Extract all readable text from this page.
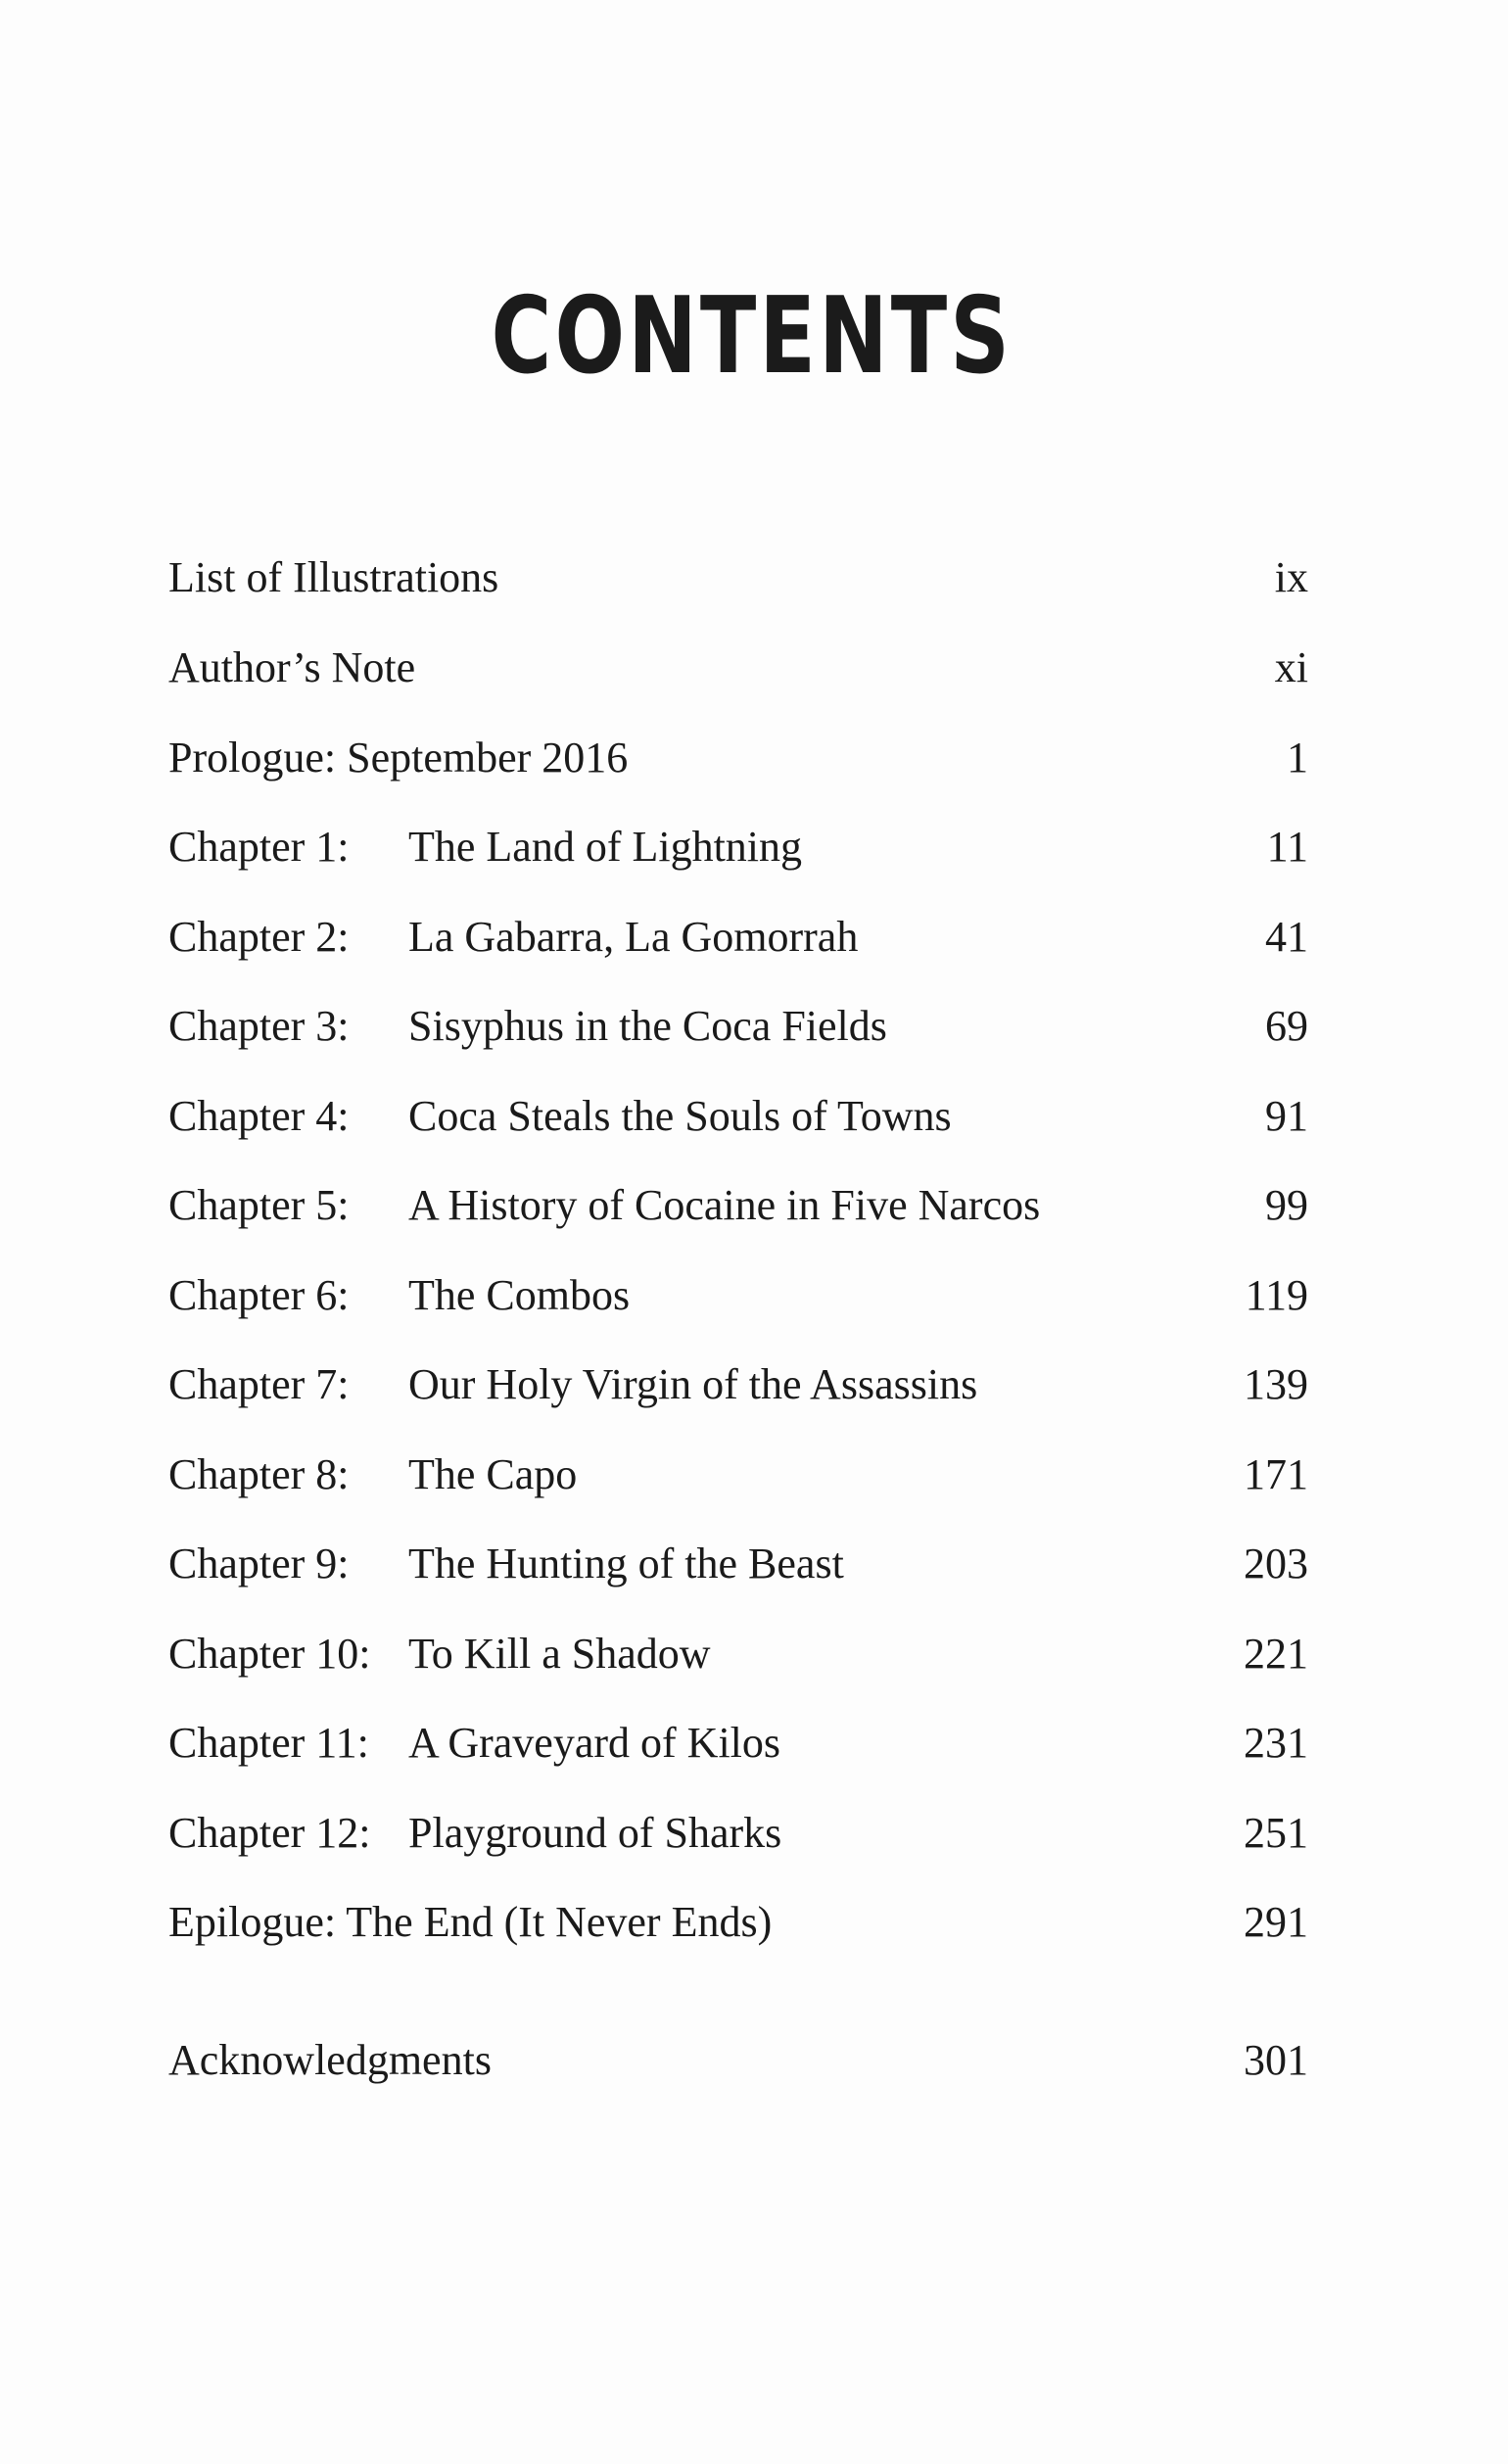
CONTENTS
List of Illustrations	ix
Author’s Note	xi
Prologue: September 2016	1
Chapter 1: The Land of Lightning	11
Chapter 2: La Gabarra, La Gomorrah	41
Chapter 3: Sisyphus in the Coca Fields	69
Chapter 4: Coca Steals the Souls of Towns	91
Chapter 5: A History of Cocaine in Five Narcos	99
Chapter 6: The Combos	119
Chapter 7: Our Holy Virgin of the Assassins	139
Chapter 8: The Capo	171
Chapter 9: The Hunting of the Beast	203
Chapter 10: To Kill a Shadow	221
Chapter 11: A Graveyard of Kilos	231
Chapter 12: Playground of Sharks	251
Epilogue: The End (It Never Ends)	291
Acknowledgments	301
